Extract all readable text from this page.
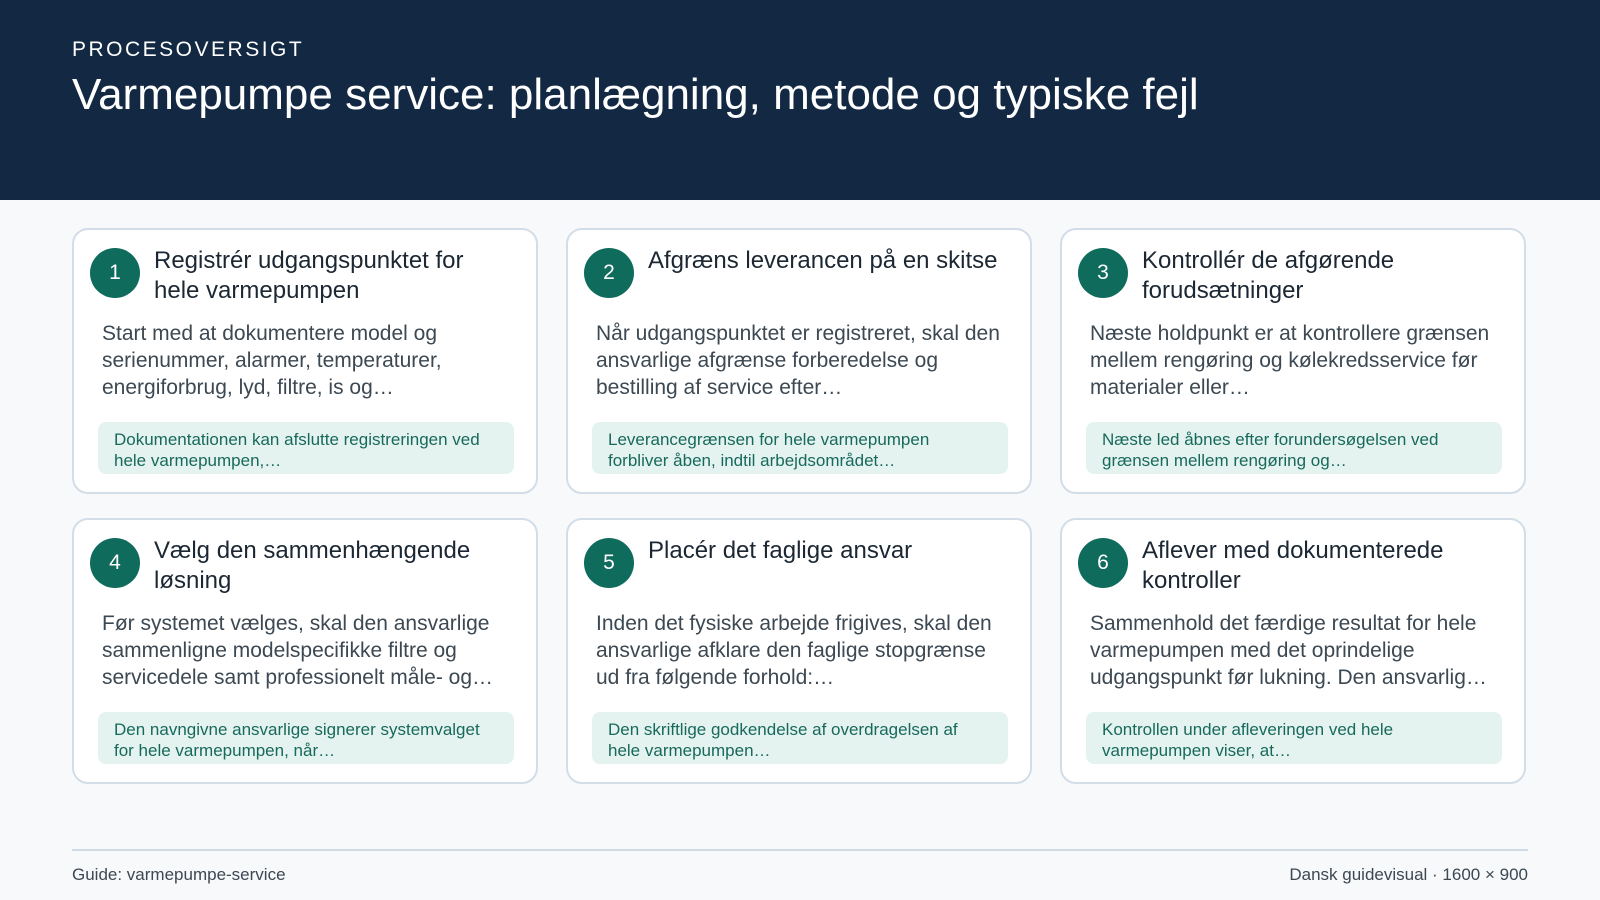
PROCESOVERSIGT
Varmepumpe service: planlægning, metode og typiske fejl
1	Registrér udgangspunktet for hele varmepumpen
Start med at dokumentere model og serienummer, alarmer, temperaturer, energiforbrug, lyd, filtre, is og…
Dokumentationen kan afslutte registreringen ved hele varmepumpen,…
2	Afgræns leverancen på en skitse
Når udgangspunktet er registreret, skal den ansvarlige afgrænse forberedelse og bestilling af service efter…
Leverancegrænsen for hele varmepumpen forbliver åben, indtil arbejdsområdet…
3	Kontrollér de afgørende forudsætninger
Næste holdpunkt er at kontrollere grænsen mellem rengøring og kølekredsservice før materialer eller…
Næste led åbnes efter forundersøgelsen ved grænsen mellem rengøring og…
4	Vælg den sammenhængende løsning
Før systemet vælges, skal den ansvarlige sammenligne modelspecifikke filtre og servicedele samt professionelt måle- og…
Den navngivne ansvarlige signerer systemvalget for hele varmepumpen, når…
5	Placér det faglige ansvar
Inden det fysiske arbejde frigives, skal den ansvarlige afklare den faglige stopgrænse ud fra følgende forhold:…
Den skriftlige godkendelse af overdragelsen af hele varmepumpen…
6	Aflever med dokumenterede kontroller
Sammenhold det færdige resultat for hele varmepumpen med det oprindelige udgangspunkt før lukning. Den ansvarlig…
Kontrollen under afleveringen ved hele varmepumpen viser, at…
Guide: varmepumpe-service	Dansk guidevisual · 1600 × 900
